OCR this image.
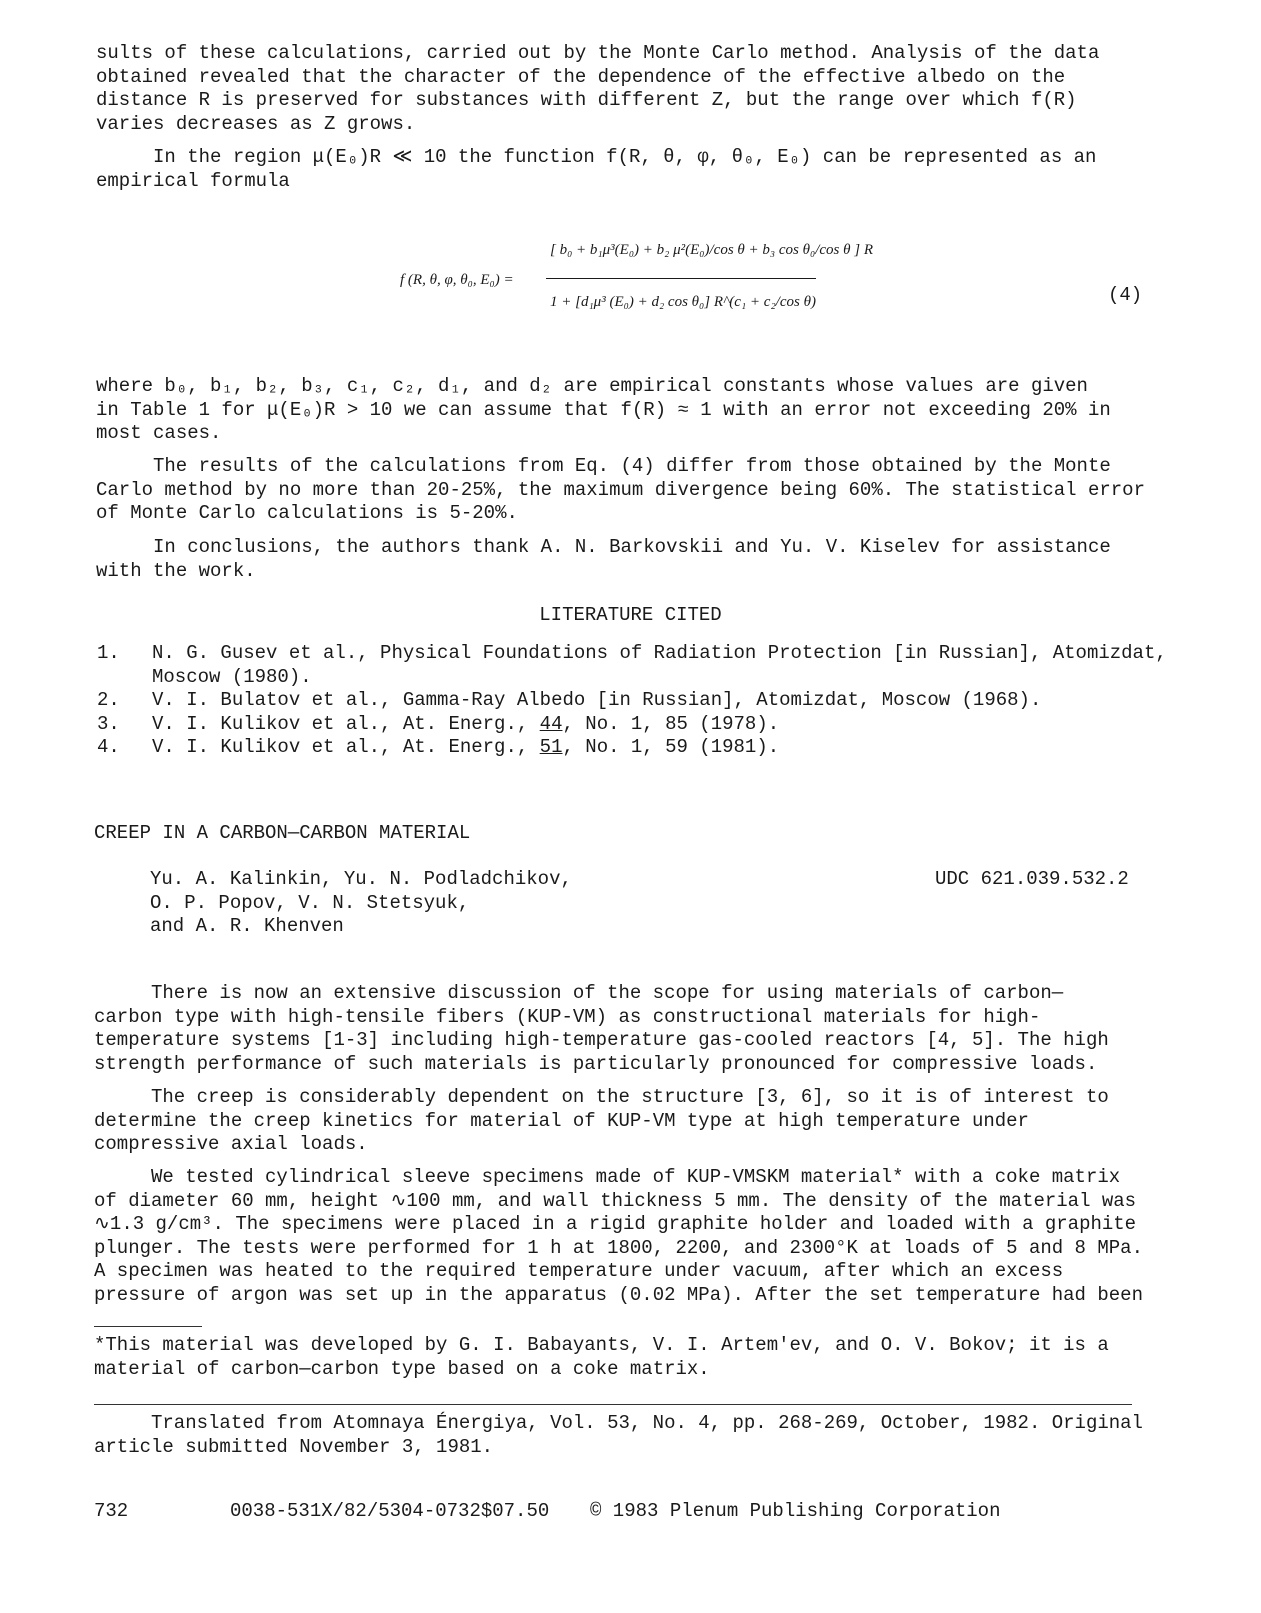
sults of these calculations, carried out by the Monte Carlo method. Analysis of the data obtained revealed that the character of the dependence of the effective albedo on the distance R is preserved for substances with different Z, but the range over which f(R) varies decreases as Z grows.

In the region μ(E₀)R ≪ 10 the function f(R, θ, φ, θ₀, E₀) can be represented as an empirical formula

f (R, θ, φ, θ₀, E₀) =
[ b₀ + b₁μ³(E₀) + b₂ μ²(E₀)/cos θ + b₃ cos θ₀/cos θ ] R
1 + [d₁μ³ (E₀) + d₂ cos θ₀] R^(c₁ + c₂/cos θ)	(4)

where b₀, b₁, b₂, b₃, c₁, c₂, d₁, and d₂ are empirical constants whose values are given in Table 1 for μ(E₀)R > 10 we can assume that f(R) ≈ 1 with an error not exceeding 20% in most cases.

The results of the calculations from Eq. (4) differ from those obtained by the Monte Carlo method by no more than 20-25%, the maximum divergence being 60%. The statistical error of Monte Carlo calculations is 5-20%.

In conclusions, the authors thank A. N. Barkovskii and Yu. V. Kiselev for assistance with the work.

LITERATURE CITED
1.	N. G. Gusev et al., Physical Foundations of Radiation Protection [in Russian], Atomizdat, Moscow (1980).
2.	V. I. Bulatov et al., Gamma-Ray Albedo [in Russian], Atomizdat, Moscow (1968).
3.	V. I. Kulikov et al., At. Energ., 44, No. 1, 85 (1978).
4.	V. I. Kulikov et al., At. Energ., 51, No. 1, 59 (1981).
CREEP IN A CARBON—CARBON MATERIAL
Yu. A. Kalinkin, Yu. N. Podladchikov,
O. P. Popov, V. N. Stetsyuk,
and A. R. Khenven
UDC 621.039.532.2

There is now an extensive discussion of the scope for using materials of carbon—carbon type with high-tensile fibers (KUP-VM) as constructional materials for high-temperature systems [1-3] including high-temperature gas-cooled reactors [4, 5]. The high strength performance of such materials is particularly pronounced for compressive loads.

The creep is considerably dependent on the structure [3, 6], so it is of interest to determine the creep kinetics for material of KUP-VM type at high temperature under compressive axial loads.

We tested cylindrical sleeve specimens made of KUP-VMSKM material* with a coke matrix of diameter 60 mm, height ∿100 mm, and wall thickness 5 mm. The density of the material was ∿1.3 g/cm³. The specimens were placed in a rigid graphite holder and loaded with a graphite plunger. The tests were performed for 1 h at 1800, 2200, and 2300°K at loads of 5 and 8 MPa. A specimen was heated to the required temperature under vacuum, after which an excess pressure of argon was set up in the apparatus (0.02 MPa). After the set temperature had been

*This material was developed by G. I. Babayants, V. I. Artem'ev, and O. V. Bokov; it is a material of carbon—carbon type based on a coke matrix.

Translated from Atomnaya Énergiya, Vol. 53, No. 4, pp. 268-269, October, 1982. Original article submitted November 3, 1981.

732	0038-531X/82/5304-0732$07.50 © 1983 Plenum Publishing Corporation
